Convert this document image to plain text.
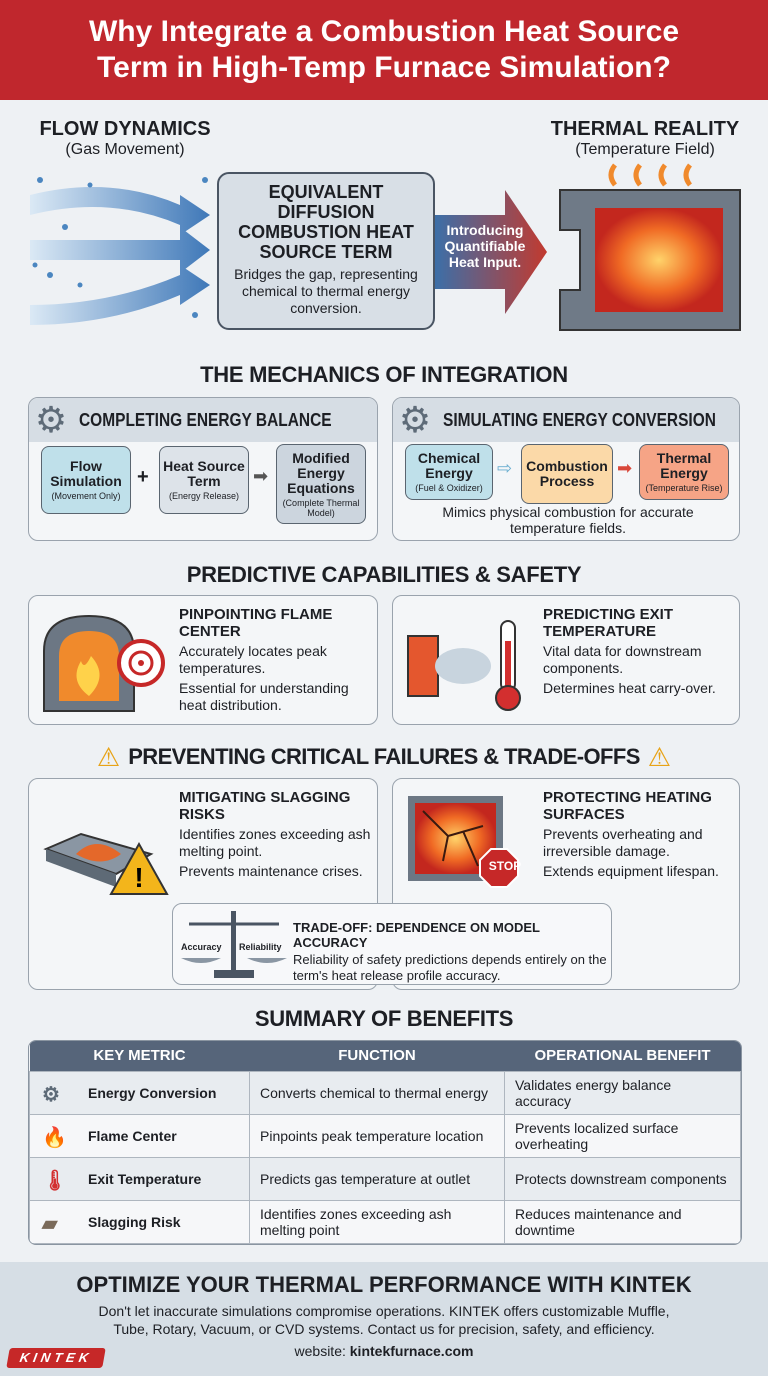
Why Integrate a Combustion Heat Source
Term in High-Temp Furnace Simulation?
FLOW DYNAMICS
(Gas Movement)
EQUIVALENT DIFFUSION COMBUSTION HEAT SOURCE TERM
Bridges the gap, representing chemical to thermal energy conversion.
Introducing Quantifiable Heat Input.
THERMAL REALITY
(Temperature Field)
THE MECHANICS OF INTEGRATION
⚙ COMPLETING ENERGY BALANCE
Flow Simulation
(Movement Only)
+ Heat Source Term
(Energy Release)
➡
Modified Energy Equations
(Complete Thermal Model)
⚙ SIMULATING ENERGY CONVERSION
Chemical Energy
(Fuel & Oxidizer)
⇨ Combustion Process
➡	Thermal Energy
(Temperature Rise)
Mimics physical combustion for accurate temperature fields.
PREDICTIVE CAPABILITIES & SAFETY
PINPOINTING FLAME CENTER

Accurately locates peak temperatures.

Essential for understanding heat distribution.

PREDICTING EXIT TEMPERATURE

Vital data for downstream components.

Determines heat carry-over.

⚠ PREVENTING CRITICAL FAILURES & TRADE-OFFS ⚠
!
MITIGATING SLAGGING RISKS

Identifies zones exceeding ash melting point.

Prevents maintenance crises.	STOP
PROTECTING HEATING SURFACES

Prevents overheating and irreversible damage.

Extends equipment lifespan.

Accuracy Reliability
TRADE-OFF: DEPENDENCE ON MODEL ACCURACY
Reliability of safety predictions depends entirely on the term's heat release profile accuracy.
SUMMARY OF BENEFITS
KEY METRIC	FUNCTION	OPERATIONAL BENEFIT

⚙ Energy Conversion	Converts chemical to thermal energy	Validates energy balance accuracy

🔥 Flame Center	Pinpoints peak temperature location	Prevents localized surface overheating

🌡 Exit Temperature	Predicts gas temperature at outlet	Protects downstream components

▰ Slagging Risk	Identifies zones exceeding ash melting point	Reduces maintenance and downtime
OPTIMIZE YOUR THERMAL PERFORMANCE WITH KINTEK
Don't let inaccurate simulations compromise operations. KINTEK offers customizable Muffle,
Tube, Rotary, Vacuum, or CVD systems. Contact us for precision, safety, and efficiency.
website: kintekfurnace.com
KINTEK
